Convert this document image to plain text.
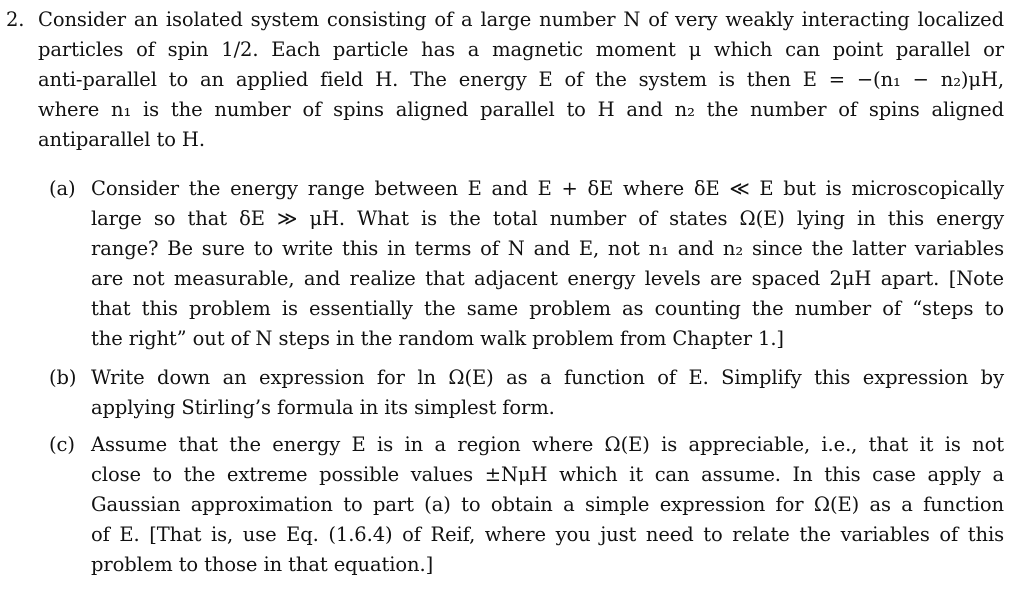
2. Consider an isolated system consisting of a large number N of very weakly interacting localized
particles of spin 1/2. Each particle has a magnetic moment μ which can point parallel or
anti-parallel to an applied field H. The energy E of the system is then E = −(n₁ − n₂)μH,
where n₁ is the number of spins aligned parallel to H and n₂ the number of spins aligned
antiparallel to H.
(a) Consider the energy range between E and E + δE where δE ≪ E but is microscopically
large so that δE ≫ μH. What is the total number of states Ω(E) lying in this energy
range? Be sure to write this in terms of N and E, not n₁ and n₂ since the latter variables
are not measurable, and realize that adjacent energy levels are spaced 2μH apart. [Note
that this problem is essentially the same problem as counting the number of “steps to
the right” out of N steps in the random walk problem from Chapter 1.]
(b) Write down an expression for ln Ω(E) as a function of E. Simplify this expression by
applying Stirling’s formula in its simplest form.
(c) Assume that the energy E is in a region where Ω(E) is appreciable, i.e., that it is not
close to the extreme possible values ±NμH which it can assume. In this case apply a
Gaussian approximation to part (a) to obtain a simple expression for Ω(E) as a function
of E. [That is, use Eq. (1.6.4) of Reif, where you just need to relate the variables of this
problem to those in that equation.]
